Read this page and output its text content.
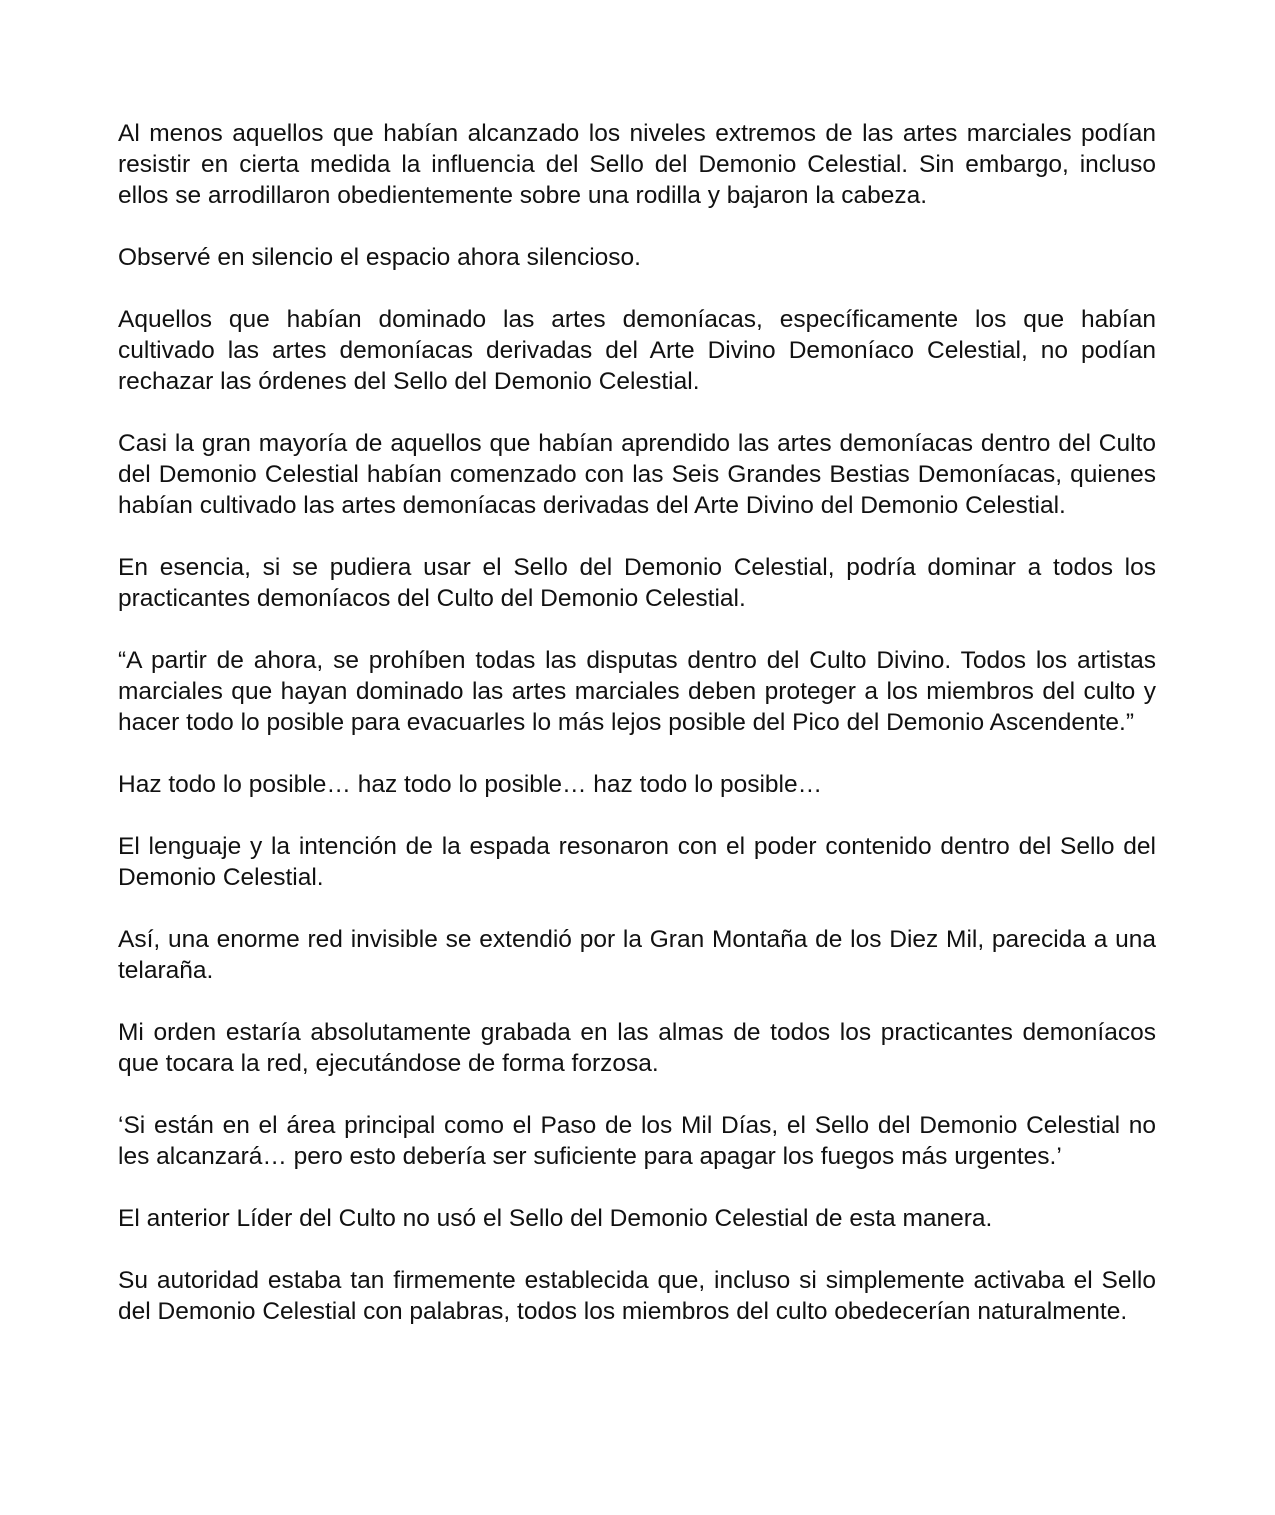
Al menos aquellos que habían alcanzado los niveles extremos de las artes marciales podían resistir en cierta medida la influencia del Sello del Demonio Celestial. Sin embargo, incluso ellos se arrodillaron obedientemente sobre una rodilla y bajaron la cabeza.

Observé en silencio el espacio ahora silencioso.

Aquellos que habían dominado las artes demoníacas, específicamente los que habían cultivado las artes demoníacas derivadas del Arte Divino Demoníaco Celestial, no podían rechazar las órdenes del Sello del Demonio Celestial.

Casi la gran mayoría de aquellos que habían aprendido las artes demoníacas dentro del Culto del Demonio Celestial habían comenzado con las Seis Grandes Bestias Demoníacas, quienes habían cultivado las artes demoníacas derivadas del Arte Divino del Demonio Celestial.

En esencia, si se pudiera usar el Sello del Demonio Celestial, podría dominar a todos los practicantes demoníacos del Culto del Demonio Celestial.

“A partir de ahora, se prohíben todas las disputas dentro del Culto Divino. Todos los artistas marciales que hayan dominado las artes marciales deben proteger a los miembros del culto y hacer todo lo posible para evacuarles lo más lejos posible del Pico del Demonio Ascendente.”

Haz todo lo posible… haz todo lo posible… haz todo lo posible…

El lenguaje y la intención de la espada resonaron con el poder contenido dentro del Sello del Demonio Celestial.

Así, una enorme red invisible se extendió por la Gran Montaña de los Diez Mil, parecida a una telaraña.

Mi orden estaría absolutamente grabada en las almas de todos los practicantes demoníacos que tocara la red, ejecutándose de forma forzosa.

‘Si están en el área principal como el Paso de los Mil Días, el Sello del Demonio Celestial no les alcanzará… pero esto debería ser suficiente para apagar los fuegos más urgentes.’

El anterior Líder del Culto no usó el Sello del Demonio Celestial de esta manera.

Su autoridad estaba tan firmemente establecida que, incluso si simplemente activaba el Sello del Demonio Celestial con palabras, todos los miembros del culto obedecerían naturalmente.
